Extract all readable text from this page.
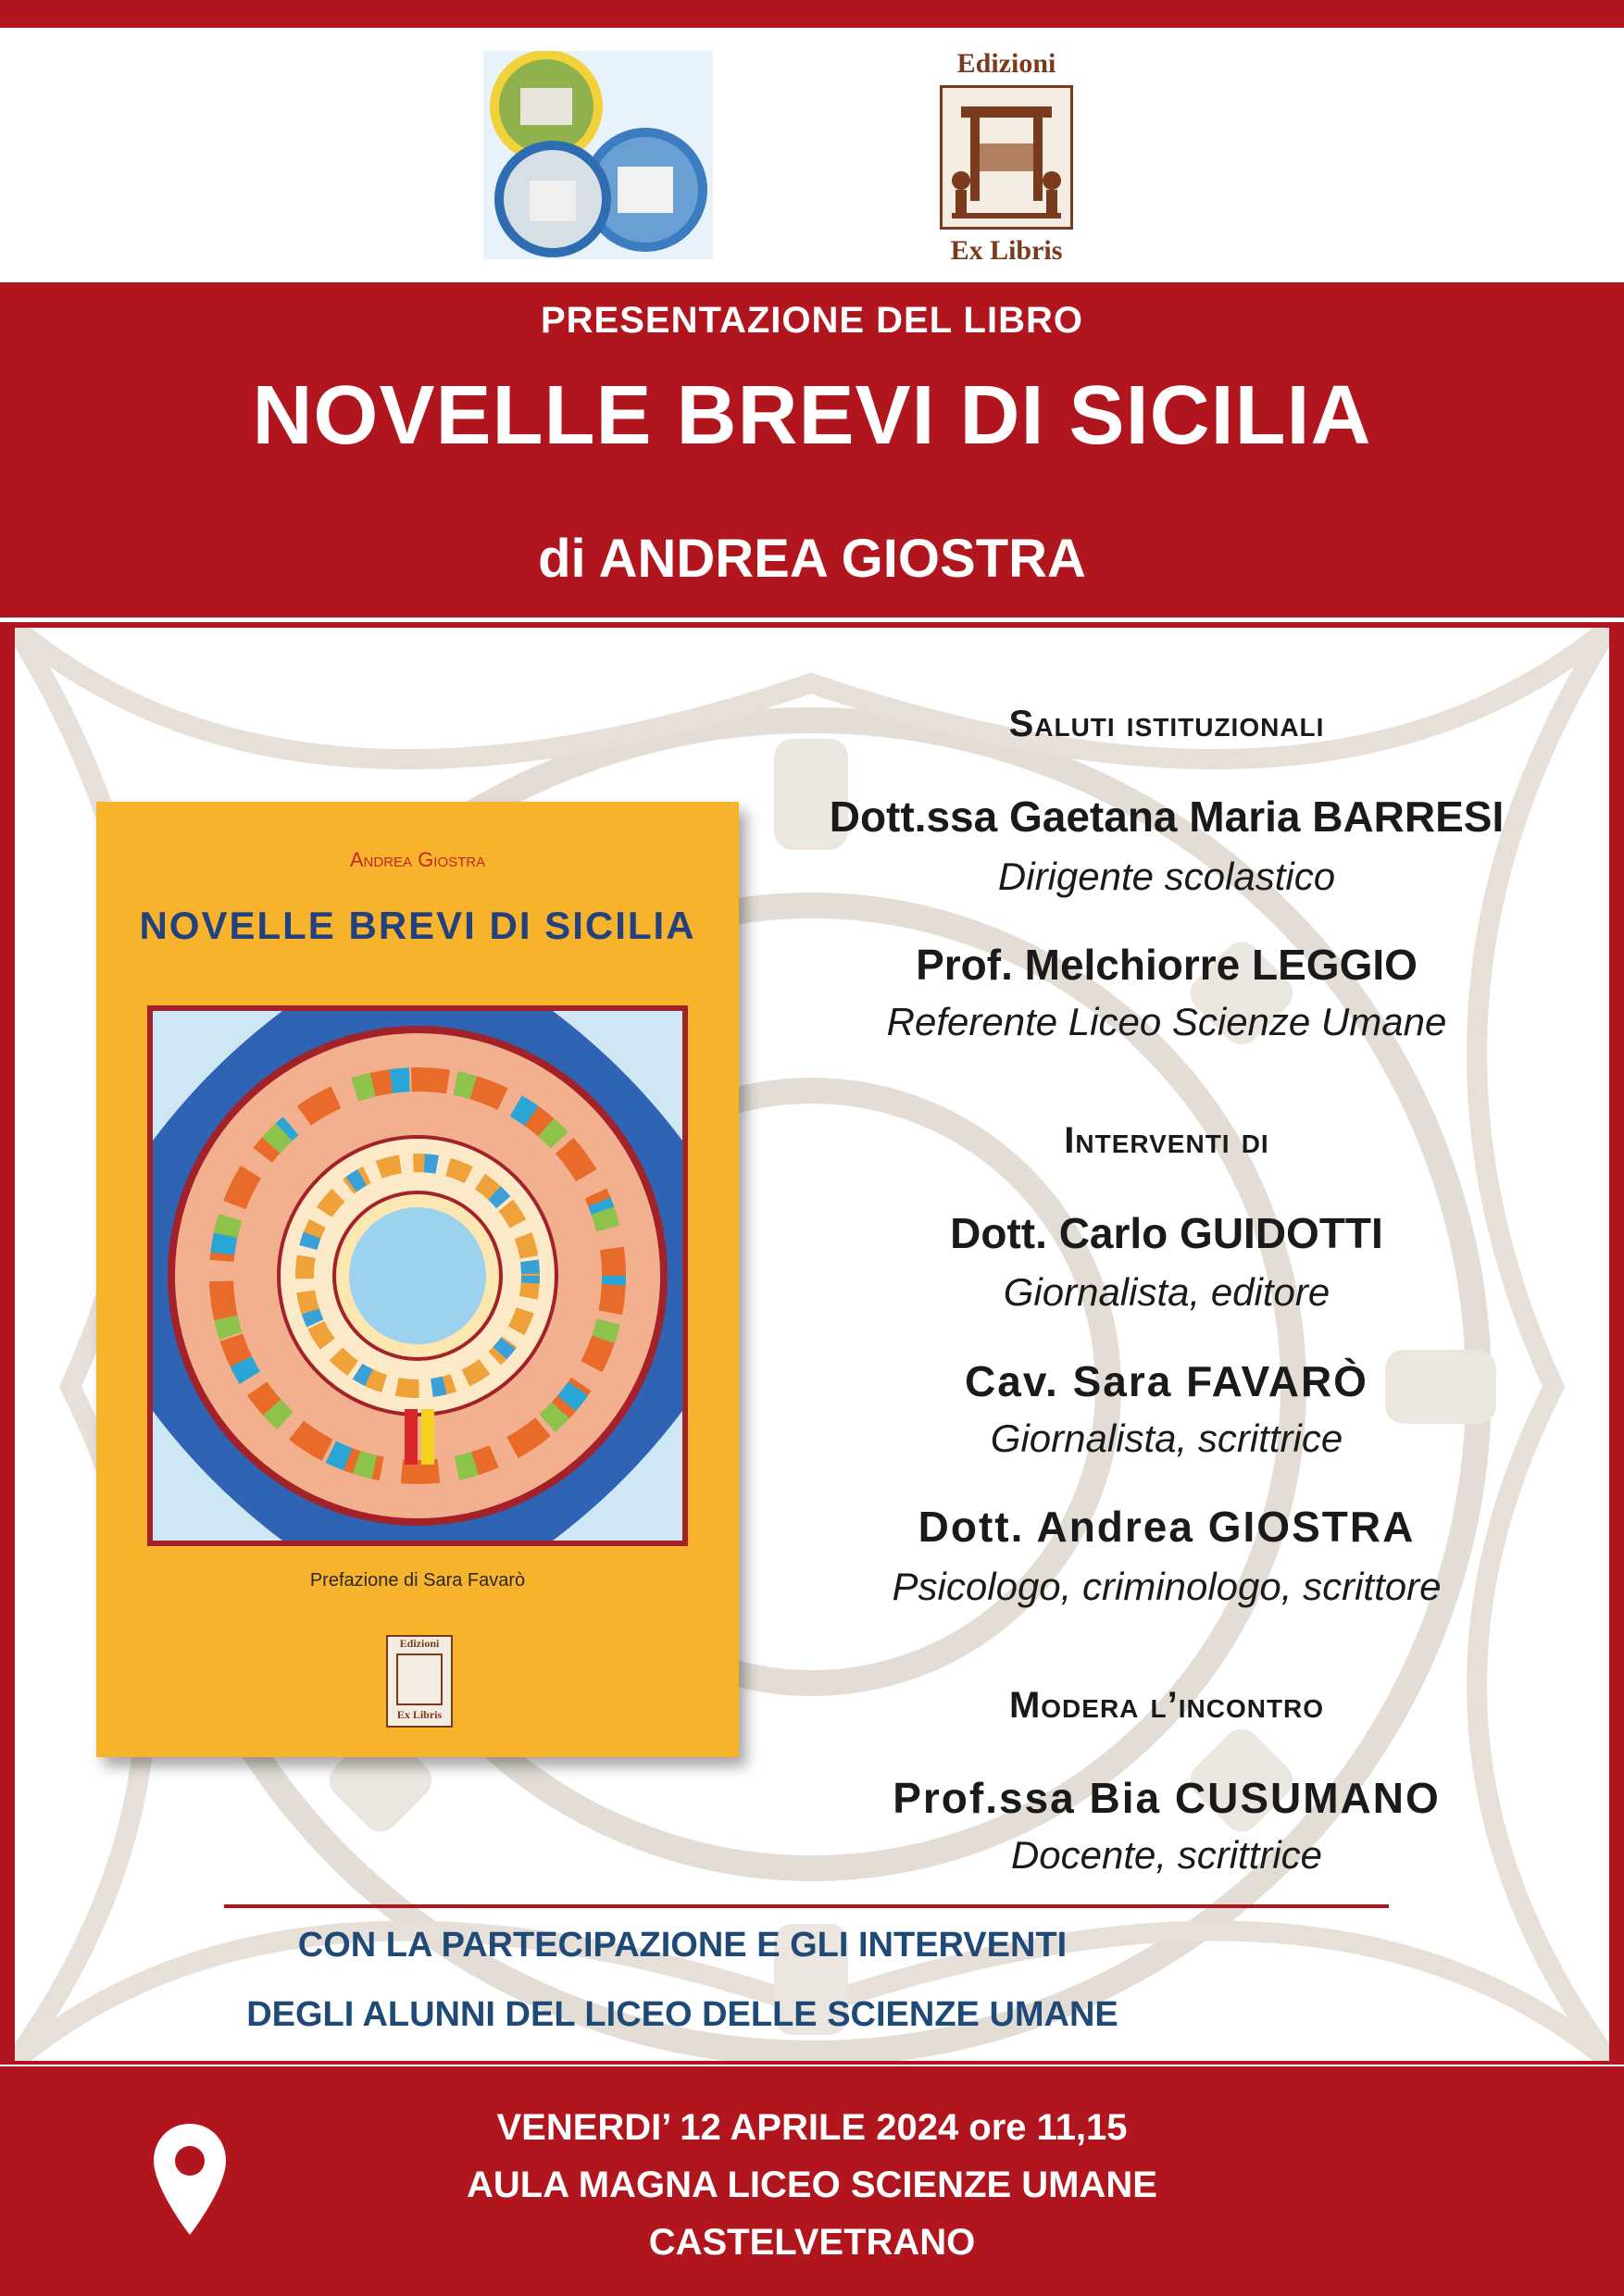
Edizioni
Ex Libris
PRESENTAZIONE DEL LIBRO
NOVELLE BREVI DI SICILIA
di ANDREA GIOSTRA
Andrea Giostra
NOVELLE BREVI DI SICILIA
Prefazione di Sara Favarò
Edizioni
Ex Libris
Saluti istituzionali
Dott.ssa Gaetana Maria BARRESI
Dirigente scolastico
Prof. Melchiorre LEGGIO
Referente Liceo Scienze Umane
Interventi di
Dott. Carlo GUIDOTTI
Giornalista, editore
Cav. Sara FAVARÒ
Giornalista, scrittrice
Dott. Andrea GIOSTRA
Psicologo, criminologo, scrittore
Modera l’incontro
Prof.ssa Bia CUSUMANO
Docente, scrittrice
CON LA PARTECIPAZIONE E GLI INTERVENTI
DEGLI ALUNNI DEL LICEO DELLE SCIENZE UMANE
VENERDI’ 12 APRILE 2024 ore 11,15
AULA MAGNA LICEO SCIENZE UMANE
CASTELVETRANO
